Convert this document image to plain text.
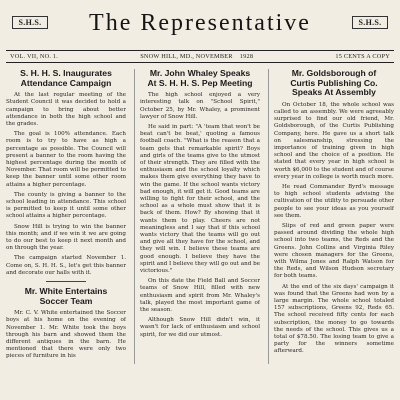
S.H.S.	The Representative	S.H.S.
VOL. VII, NO. 1.	SNOW HILL, MD., NOVEMBER    1928	15 CENTS A COPY
S. H. H. S. Inaugurates
Attendance Campaign

At the last regular meeting of the Student Council it was decided to hold a campaign to bring about better attendance in both the high school and the grades.

The goal is 100% attendance. Each room is to try to have as high a percentage as possible. The Council will present a banner to the room having the highest percentage during the month of November. That room will be permitted to keep the banner until some other room attains a higher percentage.

The county is giving a banner to the school leading in attendance. This school is permitted to keep it until some other school attains a higher percentage.

Snow Hill is trying to win the banner this month; and if we win it we are going to do our best to keep it next month and on through the year.

The campaign started November 1. Come on, S. H. H. S., let's get this banner and decorate our halls with it.

Mr. White Entertains
Soccer Team

Mr. C. V. White entertained the Soccer boys at his home on the evening of November 1. Mr. White took the boys through his barn and showed them the different antiques in the barn. He mentioned that there were only two pieces of furniture in his

Mr. John Whaley Speaks
At S. H. H. S. Pep Meeting

The high school enjoyed a very interesting talk on "School Spirit," October 25, by Mr. Whaley, a prominent lawyer of Snow Hill.

He said in part: "A 'team that won't be beat can't be beat,' quoting a famous football coach. "What is the reason that a team gets that remarkable spirit? Boys and girls of the teams give to the utmost of their strength. They are filled with the enthusiasm and the school loyalty which makes them give everything they have to win the game. If the school wants victory bad enough, it will get it. Good teams are willing to fight for their school, and the school as a whole must show that it is back of them. How? By showing that it wants them to play. Cheers are not meaningless and I say that if this school wants victory that the teams will go out and give all they have for the school, and they will win. I believe these teams are good enough. I believe they have the spirit and I believe they will go out and be victorious."

On this date the Field Ball and Soccer teams of Snow Hill, filled with new enthusiasm and spirit from Mr. Whaley's talk, played the most important game of the season.

Although Snow Hill didn't win, it wasn't for lack of enthusiasm and school spirit, for we did our utmost.

Mr. Goldsborough of
Curtis Publishing Co.
Speaks At Assembly

On October 18, the whole school was called to an assembly. We were agreeably surprised to find our old friend, Mr. Goldsborough, of the Curtis Publishing Company, here. He gave us a short talk on salesmanship, stressing the importance of training given in high school and the choice of a position. He stated that every year in high school is worth $6,000 to the student and of course every year in college is worth much more.

He read Commander Byrd's message to high school students advising the cultivation of the utility to persuade other people to see your ideas as you yourself see them.

Slips of red and green paper were passed around dividing the whole high school into two teams, the Reds and the Greens. John Collins and Virginia Riley were chosen managers for the Greens, with Wilma Jones and Ralph Watson for the Reds, and Wilson Hudson secretary for both teams.

At the end of the six days' campaign it was found that the Greens had won by a large margin. The whole school totaled 157 subscriptions, Greens 92, Reds 65. The school received fifty cents for each subscription, the money to go towards the needs of the school. This gives us a total of $78.50. The losing team to give a party for the winners sometime afterward.
